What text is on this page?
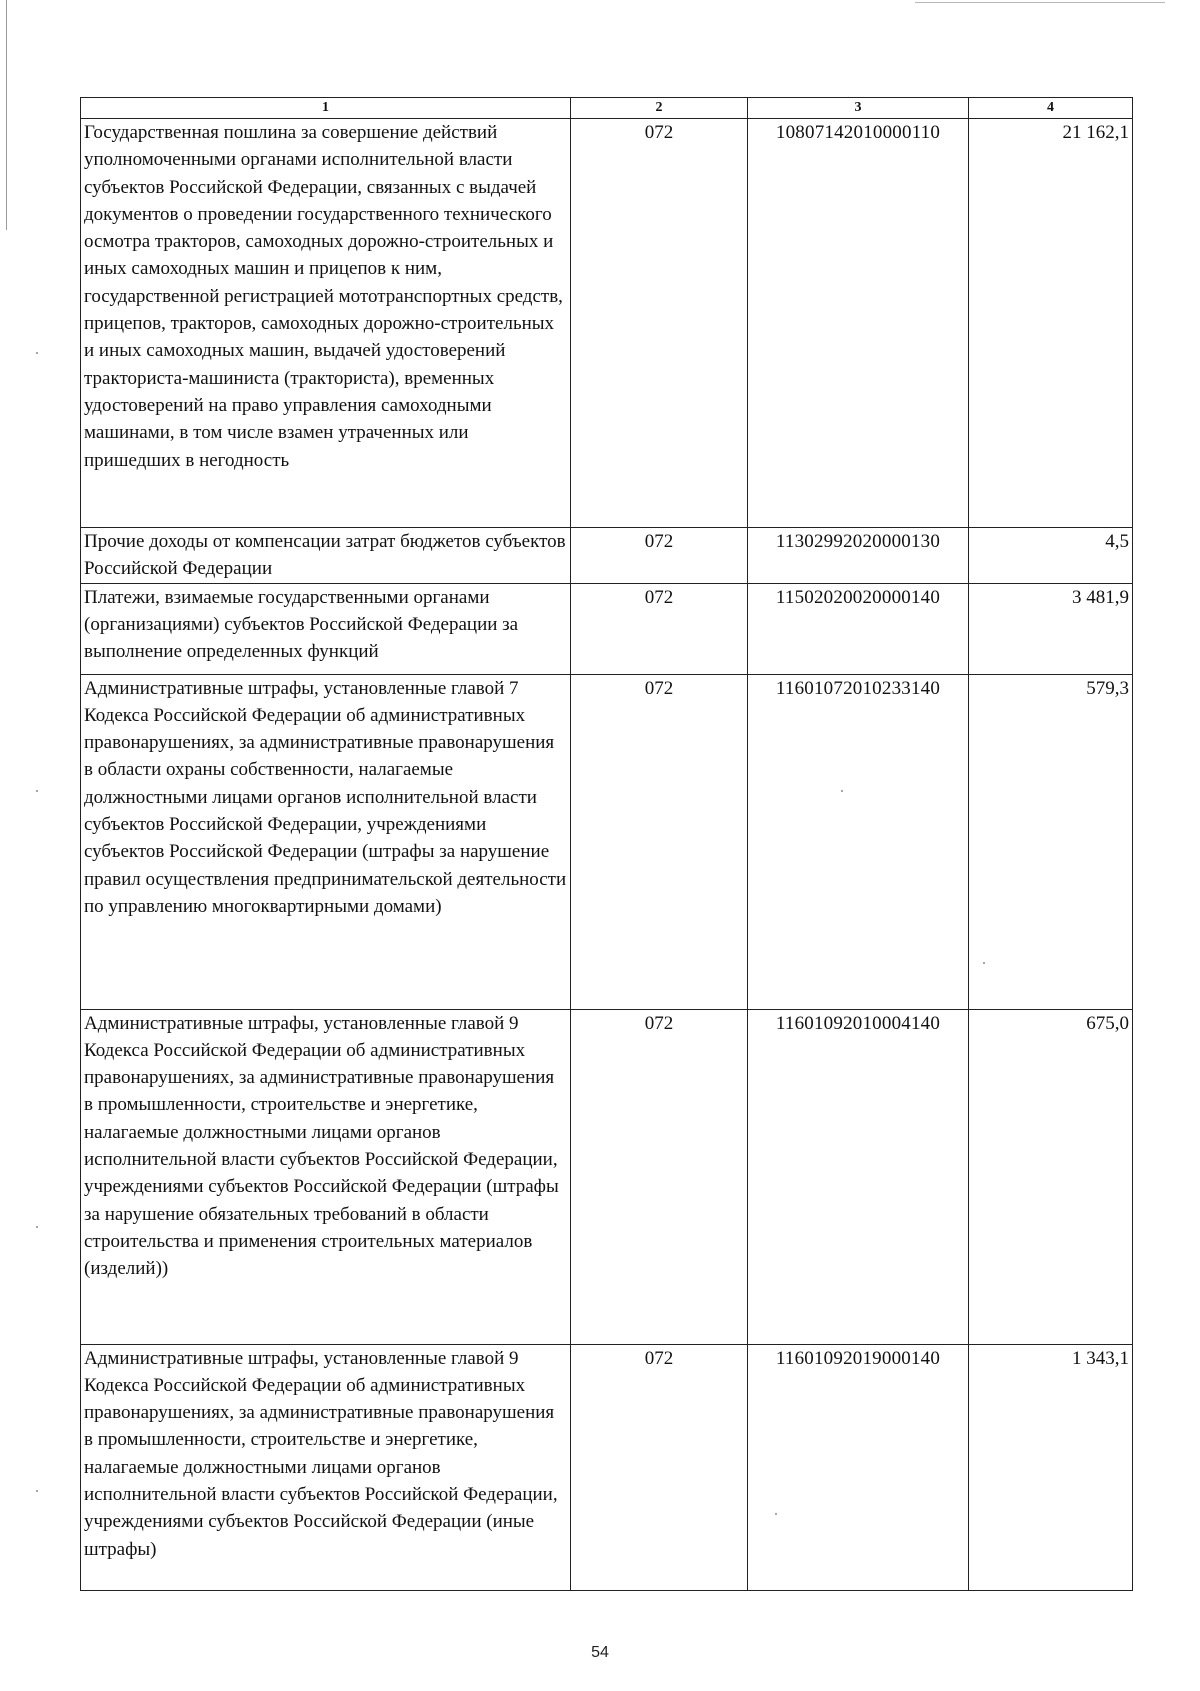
1	2	3	4
Государственная пошлина за совершение действий уполномоченными органами исполнительной власти субъектов Российской Федерации, связанных с выдачей документов о проведении государственного технического осмотра тракторов, самоходных дорожно-строительных и иных самоходных машин и прицепов к ним, государственной регистрацией мототранспортных средств, прицепов, тракторов, самоходных дорожно-строительных и иных самоходных машин, выдачей удостоверений тракториста-машиниста (тракториста), временных удостоверений на право управления самоходными машинами, в том числе взамен утраченных или пришедших в негодность	072	10807142010000110	21 162,1
Прочие доходы от компенсации затрат бюджетов субъектов Российской Федерации	072	11302992020000130	4,5
Платежи, взимаемые государственными органами (организациями) субъектов Российской Федерации за выполнение определенных функций	072	11502020020000140	3 481,9
Административные штрафы, установленные главой 7 Кодекса Российской Федерации об административных правонарушениях, за административные правонарушения в области охраны собственности, налагаемые должностными лицами органов исполнительной власти субъектов Российской Федерации, учреждениями субъектов Российской Федерации (штрафы за нарушение правил осуществления предпринимательской деятельности по управлению многоквартирными домами)	072	11601072010233140	579,3
Административные штрафы, установленные главой 9 Кодекса Российской Федерации об административных правонарушениях, за административные правонарушения в промышленности, строительстве и энергетике, налагаемые должностными лицами органов исполнительной власти субъектов Российской Федерации, учреждениями субъектов Российской Федерации (штрафы за нарушение обязательных требований в области строительства и применения строительных материалов (изделий))	072	11601092010004140	675,0
Административные штрафы, установленные главой 9 Кодекса Российской Федерации об административных правонарушениях, за административные правонарушения в промышленности, строительстве и энергетике, налагаемые должностными лицами органов исполнительной власти субъектов Российской Федерации, учреждениями субъектов Российской Федерации (иные штрафы)	072	11601092019000140	1 343,1
54
